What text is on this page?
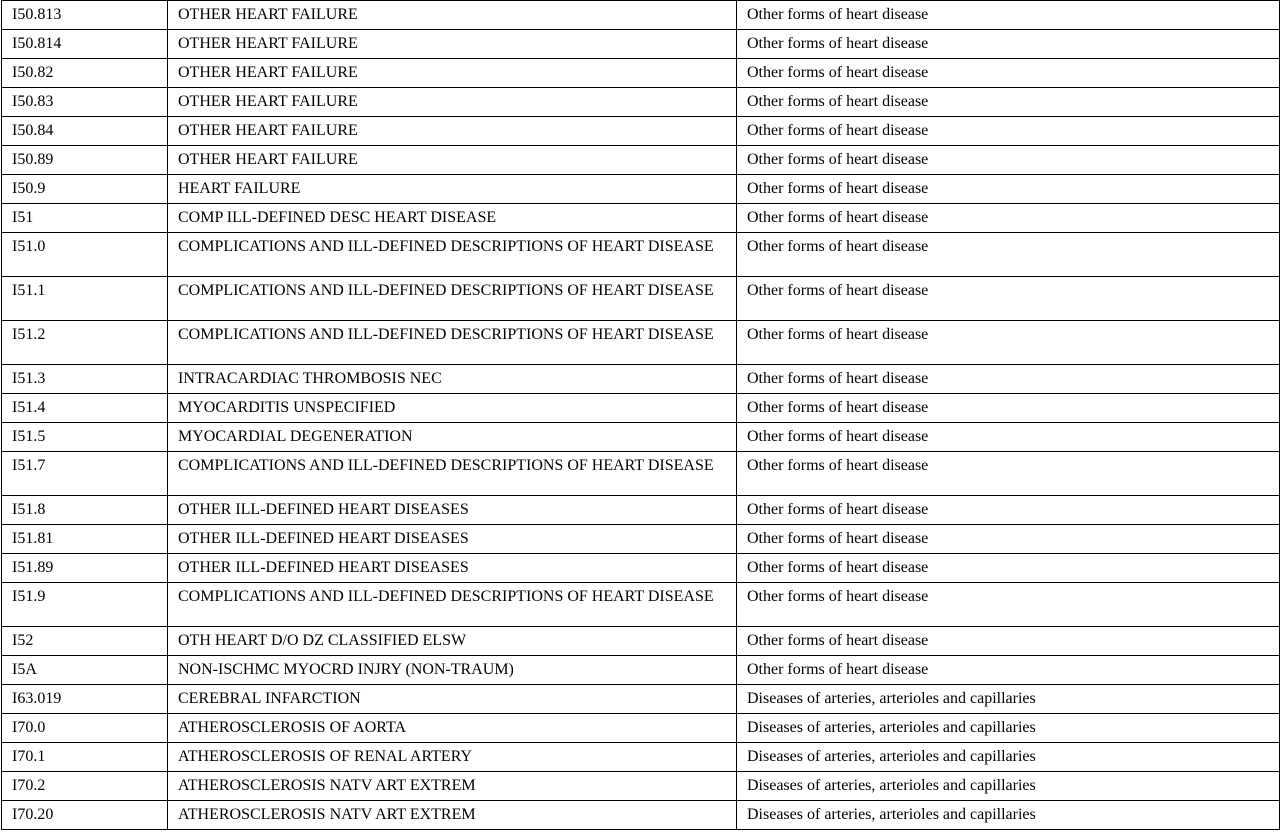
I50.813	OTHER HEART FAILURE	Other forms of heart disease
I50.814	OTHER HEART FAILURE	Other forms of heart disease
I50.82	OTHER HEART FAILURE	Other forms of heart disease
I50.83	OTHER HEART FAILURE	Other forms of heart disease
I50.84	OTHER HEART FAILURE	Other forms of heart disease
I50.89	OTHER HEART FAILURE	Other forms of heart disease
I50.9	HEART FAILURE	Other forms of heart disease
I51	COMP ILL-DEFINED DESC HEART DISEASE	Other forms of heart disease
I51.0	COMPLICATIONS AND ILL-DEFINED DESCRIPTIONS OF HEART DISEASE	Other forms of heart disease
I51.1	COMPLICATIONS AND ILL-DEFINED DESCRIPTIONS OF HEART DISEASE	Other forms of heart disease
I51.2	COMPLICATIONS AND ILL-DEFINED DESCRIPTIONS OF HEART DISEASE	Other forms of heart disease
I51.3	INTRACARDIAC THROMBOSIS NEC	Other forms of heart disease
I51.4	MYOCARDITIS UNSPECIFIED	Other forms of heart disease
I51.5	MYOCARDIAL DEGENERATION	Other forms of heart disease
I51.7	COMPLICATIONS AND ILL-DEFINED DESCRIPTIONS OF HEART DISEASE	Other forms of heart disease
I51.8	OTHER ILL-DEFINED HEART DISEASES	Other forms of heart disease
I51.81	OTHER ILL-DEFINED HEART DISEASES	Other forms of heart disease
I51.89	OTHER ILL-DEFINED HEART DISEASES	Other forms of heart disease
I51.9	COMPLICATIONS AND ILL-DEFINED DESCRIPTIONS OF HEART DISEASE	Other forms of heart disease
I52	OTH HEART D/O DZ CLASSIFIED ELSW	Other forms of heart disease
I5A	NON-ISCHMC MYOCRD INJRY (NON-TRAUM)	Other forms of heart disease
I63.019	CEREBRAL INFARCTION	Diseases of arteries, arterioles and capillaries
I70.0	ATHEROSCLEROSIS OF AORTA	Diseases of arteries, arterioles and capillaries
I70.1	ATHEROSCLEROSIS OF RENAL ARTERY	Diseases of arteries, arterioles and capillaries
I70.2	ATHEROSCLEROSIS NATV ART EXTREM	Diseases of arteries, arterioles and capillaries
I70.20	ATHEROSCLEROSIS NATV ART EXTREM	Diseases of arteries, arterioles and capillaries
